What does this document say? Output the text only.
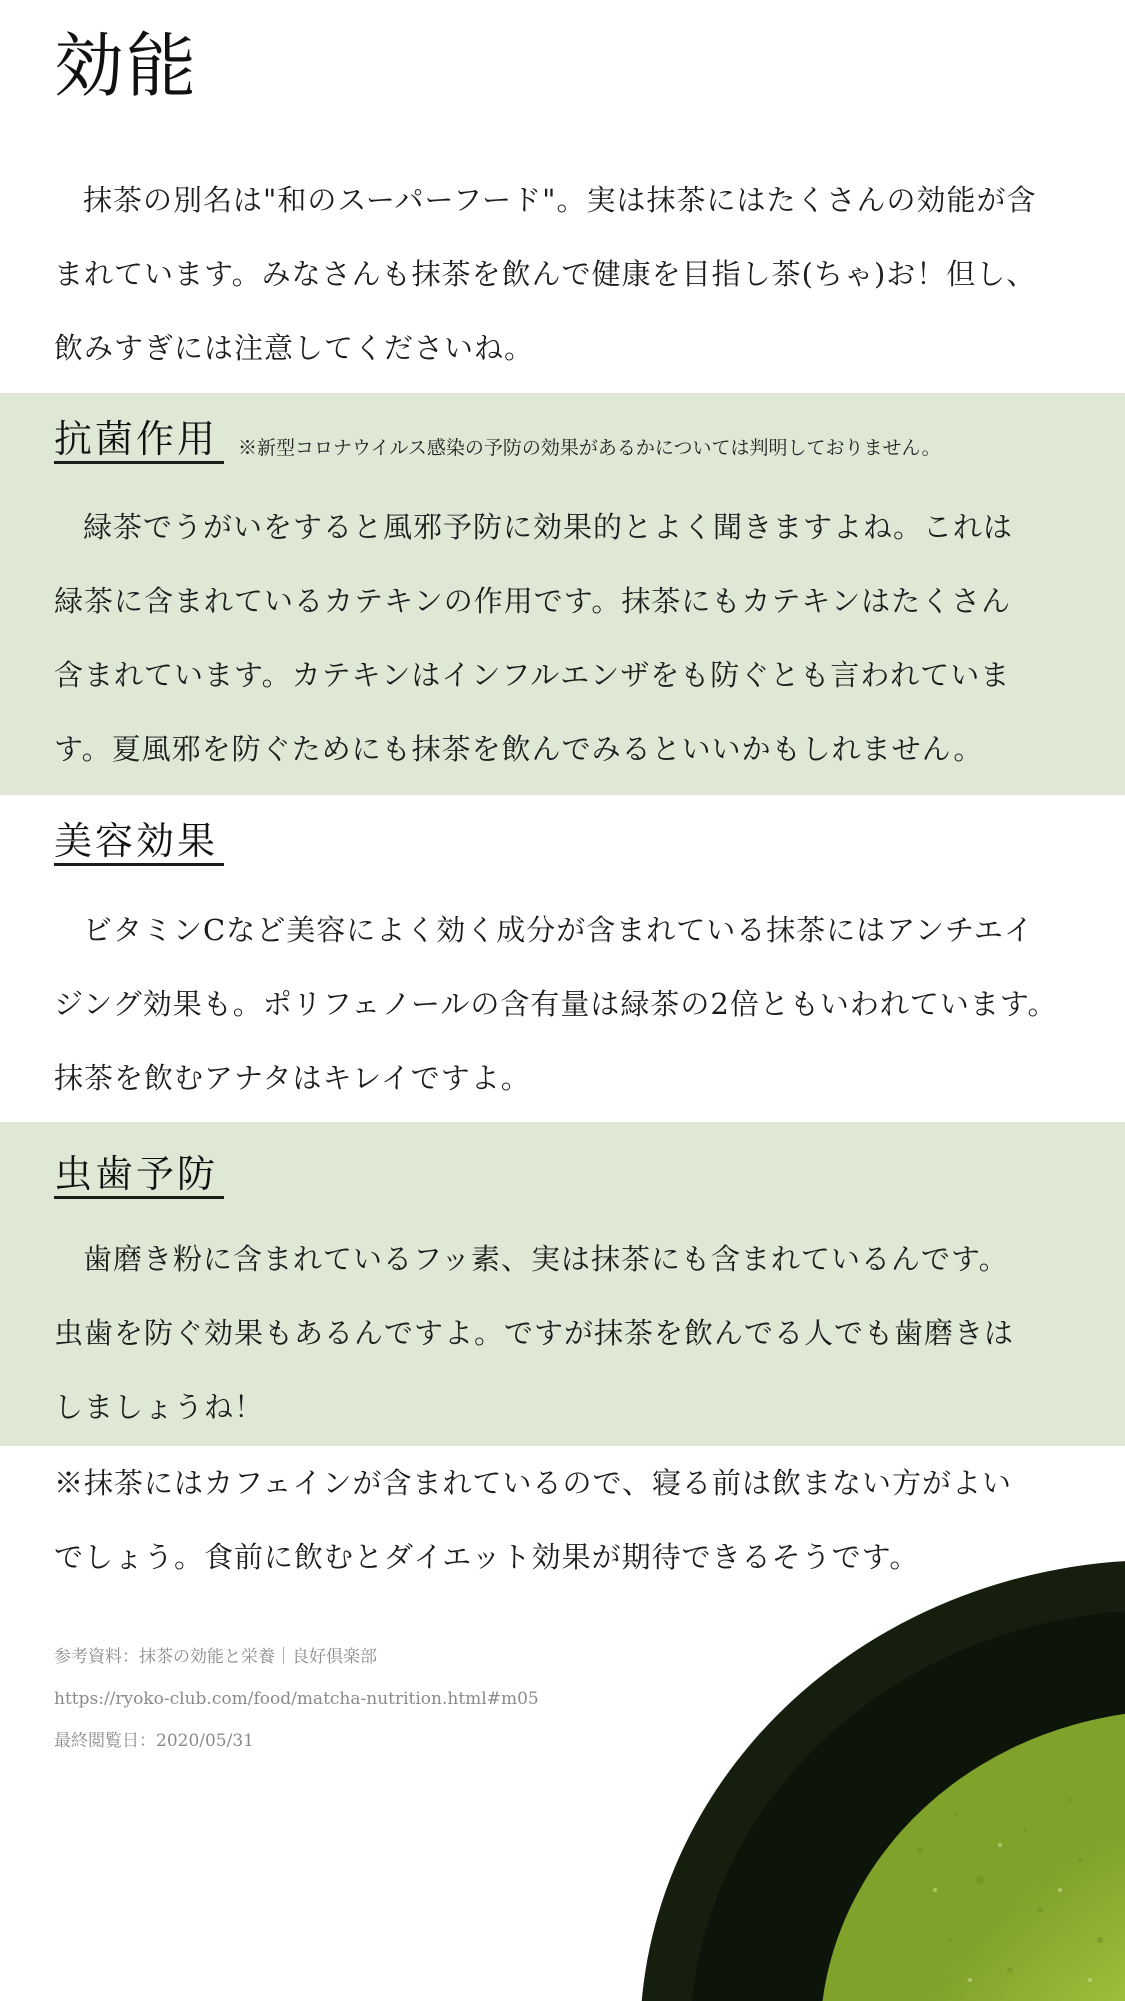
効能

抹茶の別名は"和のスーパーフード"。実は抹茶にはたくさんの効能が含

まれています。みなさんも抹茶を飲んで健康を目指し茶(ちゃ)お！但し、

飲みすぎには注意してくださいね。

抗菌作用	※新型コロナウイルス感染の予防の効果があるかについては判明しておりません。

緑茶でうがいをすると風邪予防に効果的とよく聞きますよね。これは

緑茶に含まれているカテキンの作用です。抹茶にもカテキンはたくさん

含まれています。カテキンはインフルエンザをも防ぐとも言われていま

す。夏風邪を防ぐためにも抹茶を飲んでみるといいかもしれません。

美容効果

ビタミンCなど美容によく効く成分が含まれている抹茶にはアンチエイ

ジング効果も。ポリフェノールの含有量は緑茶の2倍ともいわれています。

抹茶を飲むアナタはキレイですよ。

虫歯予防

歯磨き粉に含まれているフッ素、実は抹茶にも含まれているんです。

虫歯を防ぐ効果もあるんですよ。ですが抹茶を飲んでる人でも歯磨きは

しましょうね！

※抹茶にはカフェインが含まれているので、寝る前は飲まない方がよい

でしょう。食前に飲むとダイエット効果が期待できるそうです。

参考資料：抹茶の効能と栄養｜良好倶楽部
https://ryoko-club.com/food/matcha-nutrition.html#m05
最終閲覧日：2020/05/31
